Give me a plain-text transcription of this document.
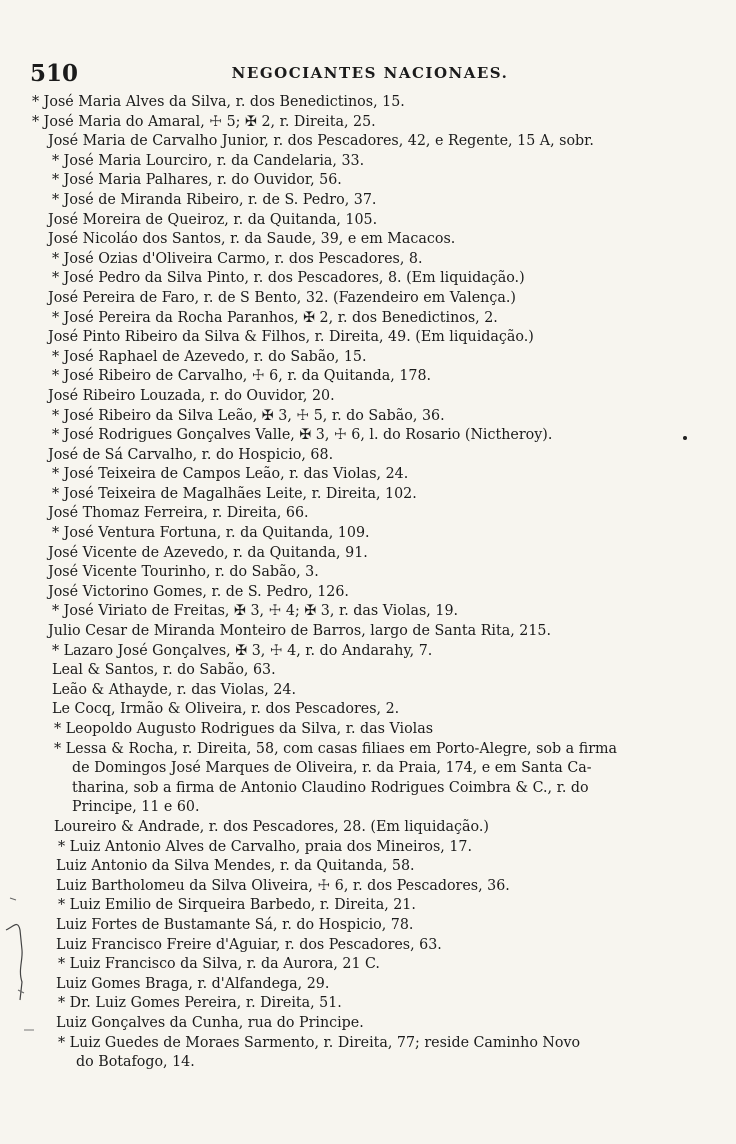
510	NEGOCIANTES NACIONAES.
* José Maria Alves da Silva, r. dos Benedictinos, 15.
* José Maria do Amaral, ☩ 5; ✠ 2, r. Direita, 25.
José Maria de Carvalho Junior, r. dos Pescadores, 42, e Regente, 15 A, sobr.
* José Maria Lourciro, r. da Candelaria, 33.
* José Maria Palhares, r. do Ouvidor, 56.
* José de Miranda Ribeiro, r. de S. Pedro, 37.
José Moreira de Queiroz, r. da Quitanda, 105.
José Nicoláo dos Santos, r. da Saude, 39, e em Macacos.
* José Ozias d'Oliveira Carmo, r. dos Pescadores, 8.
* José Pedro da Silva Pinto, r. dos Pescadores, 8. (Em liquidação.)
José Pereira de Faro, r. de S Bento, 32. (Fazendeiro em Valença.)
* José Pereira da Rocha Paranhos, ✠ 2, r. dos Benedictinos, 2.
José Pinto Ribeiro da Silva & Filhos, r. Direita, 49. (Em liquidação.)
* José Raphael de Azevedo, r. do Sabão, 15.
* José Ribeiro de Carvalho, ☩ 6, r. da Quitanda, 178.
José Ribeiro Louzada, r. do Ouvidor, 20.
* José Ribeiro da Silva Leão, ✠ 3, ☩ 5, r. do Sabão, 36.
* José Rodrigues Gonçalves Valle, ✠ 3, ☩ 6, l. do Rosario (Nictheroy).
José de Sá Carvalho, r. do Hospicio, 68.
* José Teixeira de Campos Leão, r. das Violas, 24.
* José Teixeira de Magalhães Leite, r. Direita, 102.
José Thomaz Ferreira, r. Direita, 66.
* José Ventura Fortuna, r. da Quitanda, 109.
José Vicente de Azevedo, r. da Quitanda, 91.
José Vicente Tourinho, r. do Sabão, 3.
José Victorino Gomes, r. de S. Pedro, 126.
* José Viriato de Freitas, ✠ 3, ☩ 4; ✠ 3, r. das Violas, 19.
Julio Cesar de Miranda Monteiro de Barros, largo de Santa Rita, 215.
* Lazaro José Gonçalves, ✠ 3, ☩ 4, r. do Andarahy, 7.
Leal & Santos, r. do Sabão, 63.
Leão & Athayde, r. das Violas, 24.
Le Cocq, Irmão & Oliveira, r. dos Pescadores, 2.
* Leopoldo Augusto Rodrigues da Silva, r. das Violas
* Lessa & Rocha, r. Direita, 58, com casas filiaes em Porto-Alegre, sob a firma
de Domingos José Marques de Oliveira, r. da Praia, 174, e em Santa Ca-
tharina, sob a firma de Antonio Claudino Rodrigues Coimbra & C., r. do
Principe, 11 e 60.
Loureiro & Andrade, r. dos Pescadores, 28. (Em liquidação.)
* Luiz Antonio Alves de Carvalho, praia dos Mineiros, 17.
Luiz Antonio da Silva Mendes, r. da Quitanda, 58.
Luiz Bartholomeu da Silva Oliveira, ☩ 6, r. dos Pescadores, 36.
* Luiz Emilio de Sirqueira Barbedo, r. Direita, 21.
Luiz Fortes de Bustamante Sá, r. do Hospicio, 78.
Luiz Francisco Freire d'Aguiar, r. dos Pescadores, 63.
* Luiz Francisco da Silva, r. da Aurora, 21 C.
Luiz Gomes Braga, r. d'Alfandega, 29.
* Dr. Luiz Gomes Pereira, r. Direita, 51.
Luiz Gonçalves da Cunha, rua do Principe.
* Luiz Guedes de Moraes Sarmento, r. Direita, 77; reside Caminho Novo
do Botafogo, 14.
